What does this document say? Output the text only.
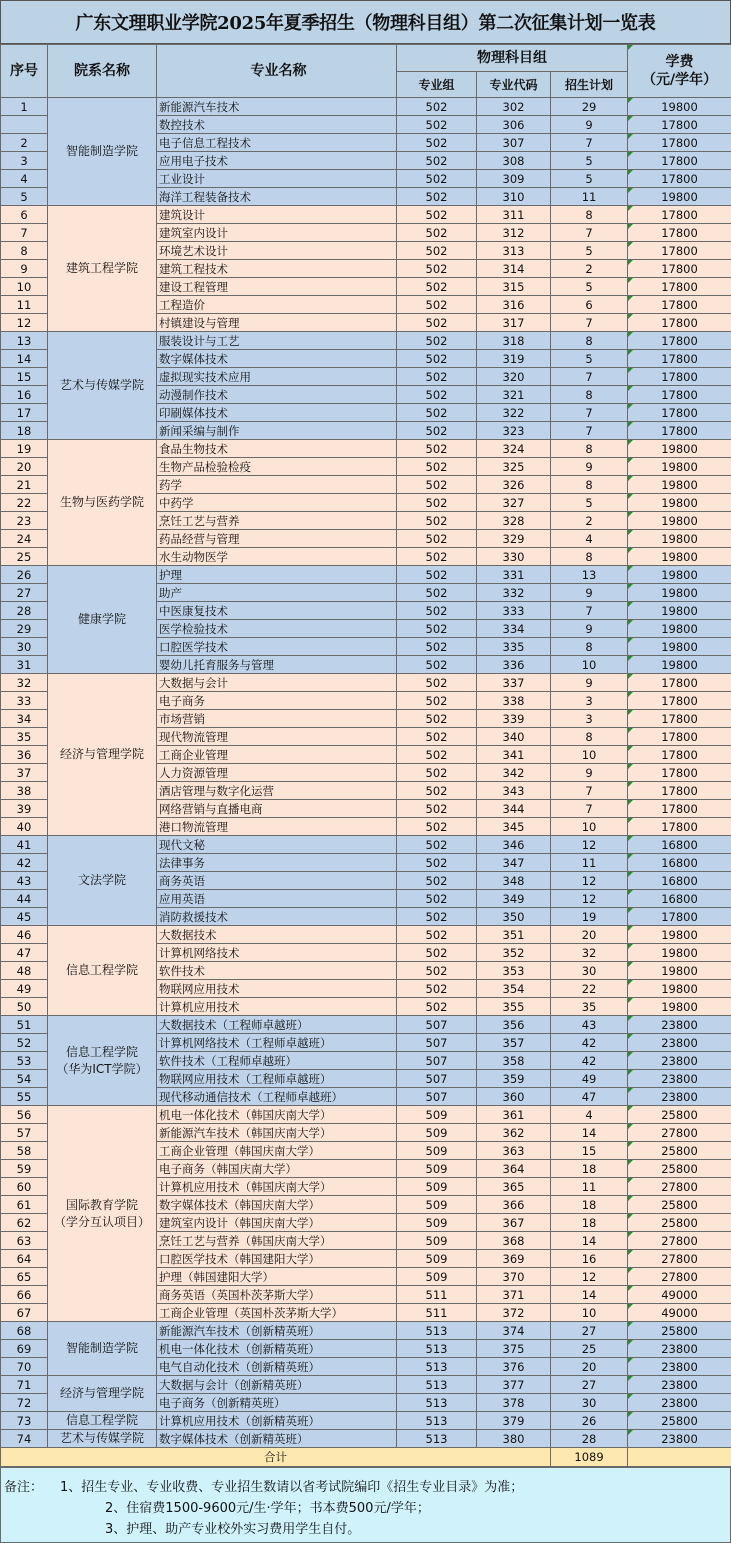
广东文理职业学院2025年夏季招生（物理科目组）第二次征集计划一览表
序号	院系名称	专业名称	物理科目组			学费
（元/学年）

			专业组	专业代码	招生计划	
1	智能制造学院	新能源汽车技术	502	302	29	19800
		数控技术	502	306	9	17800
2		电子信息工程技术	502	307	7	17800
3		应用电子技术	502	308	5	17800
4		工业设计	502	309	5	17800
5		海洋工程装备技术	502	310	11	19800
6	建筑工程学院	建筑设计	502	311	8	17800
7		建筑室内设计	502	312	7	17800
8		环境艺术设计	502	313	5	17800
9		建筑工程技术	502	314	2	17800
10		建设工程管理	502	315	5	17800
11		工程造价	502	316	6	17800
12		村镇建设与管理	502	317	7	17800
13	艺术与传媒学院	服装设计与工艺	502	318	8	17800
14		数字媒体技术	502	319	5	17800
15		虚拟现实技术应用	502	320	7	17800
16		动漫制作技术	502	321	8	17800
17		印刷媒体技术	502	322	7	17800
18		新闻采编与制作	502	323	7	17800
19	生物与医药学院	食品生物技术	502	324	8	19800
20		生物产品检验检疫	502	325	9	19800
21		药学	502	326	8	19800
22		中药学	502	327	5	19800
23		烹饪工艺与营养	502	328	2	19800
24		药品经营与管理	502	329	4	19800
25		水生动物医学	502	330	8	19800
26	健康学院	护理	502	331	13	19800
27		助产	502	332	9	19800
28		中医康复技术	502	333	7	19800
29		医学检验技术	502	334	9	19800
30		口腔医学技术	502	335	8	19800
31		婴幼儿托育服务与管理	502	336	10	19800
32	经济与管理学院	大数据与会计	502	337	9	17800
33		电子商务	502	338	3	17800
34		市场营销	502	339	3	17800
35		现代物流管理	502	340	8	17800
36		工商企业管理	502	341	10	17800
37		人力资源管理	502	342	9	17800
38		酒店管理与数字化运营	502	343	7	17800
39		网络营销与直播电商	502	344	7	17800
40		港口物流管理	502	345	10	17800
41	文法学院	现代文秘	502	346	12	16800
42		法律事务	502	347	11	16800
43		商务英语	502	348	12	16800
44		应用英语	502	349	12	16800
45		消防救援技术	502	350	19	17800
46	信息工程学院	大数据技术	502	351	20	19800
47		计算机网络技术	502	352	32	19800
48		软件技术	502	353	30	19800
49		物联网应用技术	502	354	22	19800
50		计算机应用技术	502	355	35	19800
51	信息工程学院
（华为ICT学院）	大数据技术（工程师卓越班）	507	356	43	23800
52		计算机网络技术（工程师卓越班）	507	357	42	23800
53		软件技术（工程师卓越班）	507	358	42	23800
54		物联网应用技术（工程师卓越班）	507	359	49	23800
55		现代移动通信技术（工程师卓越班）	507	360	47	23800
56	国际教育学院
（学分互认项目）	机电一体化技术（韩国庆南大学）	509	361	4	25800
57		新能源汽车技术（韩国庆南大学）	509	362	14	27800
58		工商企业管理（韩国庆南大学）	509	363	15	25800
59		电子商务（韩国庆南大学）	509	364	18	25800
60		计算机应用技术（韩国庆南大学）	509	365	11	27800
61		数字媒体技术（韩国庆南大学）	509	366	18	25800
62		建筑室内设计（韩国庆南大学）	509	367	18	25800
63		烹饪工艺与营养（韩国庆南大学）	509	368	14	27800
64		口腔医学技术（韩国建阳大学）	509	369	16	27800
65		护理（韩国建阳大学）	509	370	12	27800
66		商务英语（英国朴茨茅斯大学）	511	371	14	49000
67		工商企业管理（英国朴茨茅斯大学）	511	372	10	49000
68	智能制造学院	新能源汽车技术（创新精英班）	513	374	27	25800
69		机电一体化技术（创新精英班）	513	375	25	23800
70		电气自动化技术（创新精英班）	513	376	20	23800
71	经济与管理学院	大数据与会计（创新精英班）	513	377	27	23800
72		电子商务（创新精英班）	513	378	30	23800
73	信息工程学院	计算机应用技术（创新精英班）	513	379	26	25800
74	艺术与传媒学院	数字媒体技术（创新精英班）	513	380	28	23800
合计					1089	
备注： 1、招生专业、专业收费、专业招生数请以省考试院编印《招生专业目录》为准；
2、住宿费1500-9600元/生·学年；书本费500元/学年；
3、护理、助产专业校外实习费用学生自付。
